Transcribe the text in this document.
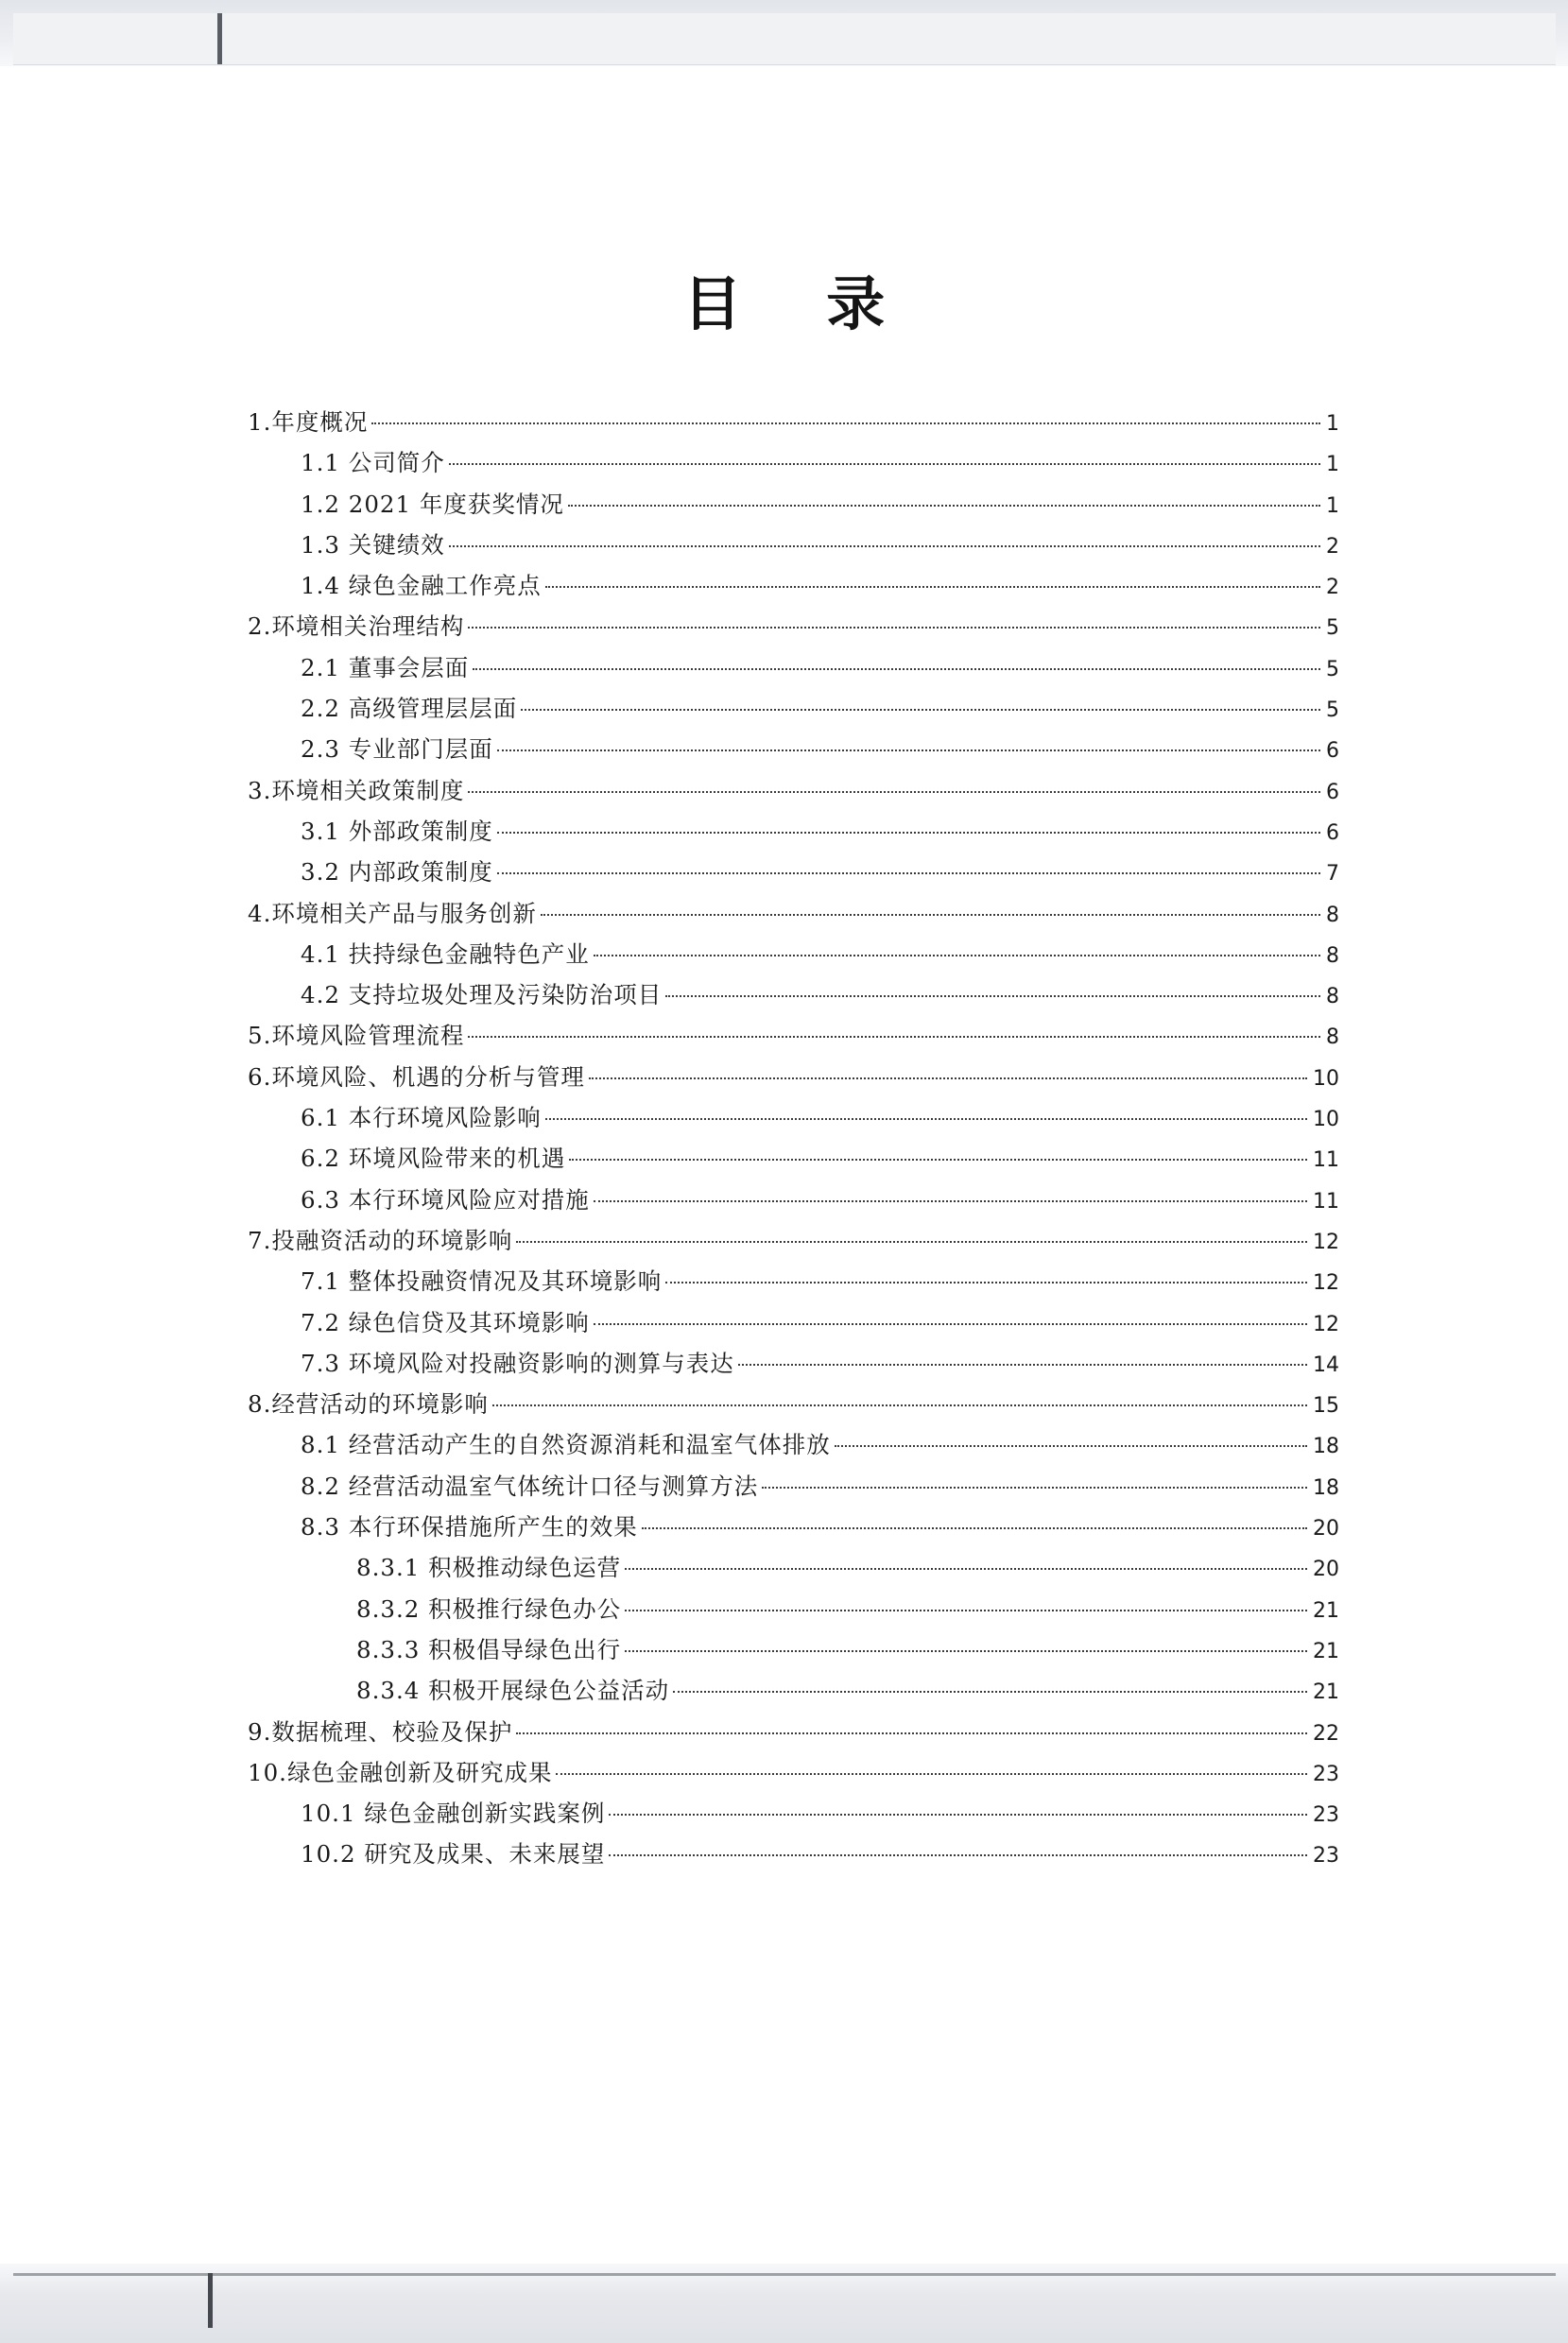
目 录
1.年度概况	1
1.1 公司简介	1
1.2 2021 年度获奖情况	1
1.3 关键绩效	2
1.4 绿色金融工作亮点	2
2.环境相关治理结构	5
2.1 董事会层面	5
2.2 高级管理层层面	5
2.3 专业部门层面	6
3.环境相关政策制度	6
3.1 外部政策制度	6
3.2 内部政策制度	7
4.环境相关产品与服务创新	8
4.1 扶持绿色金融特色产业	8
4.2 支持垃圾处理及污染防治项目	8
5.环境风险管理流程	8
6.环境风险、机遇的分析与管理	10
6.1 本行环境风险影响	10
6.2 环境风险带来的机遇	11
6.3 本行环境风险应对措施	11
7.投融资活动的环境影响	12
7.1 整体投融资情况及其环境影响	12
7.2 绿色信贷及其环境影响	12
7.3 环境风险对投融资影响的测算与表达	14
8.经营活动的环境影响	15
8.1 经营活动产生的自然资源消耗和温室气体排放	18
8.2 经营活动温室气体统计口径与测算方法	18
8.3 本行环保措施所产生的效果	20
8.3.1 积极推动绿色运营	20
8.3.2 积极推行绿色办公	21
8.3.3 积极倡导绿色出行	21
8.3.4 积极开展绿色公益活动	21
9.数据梳理、校验及保护	22
10.绿色金融创新及研究成果	23
10.1 绿色金融创新实践案例	23
10.2 研究及成果、未来展望	23
